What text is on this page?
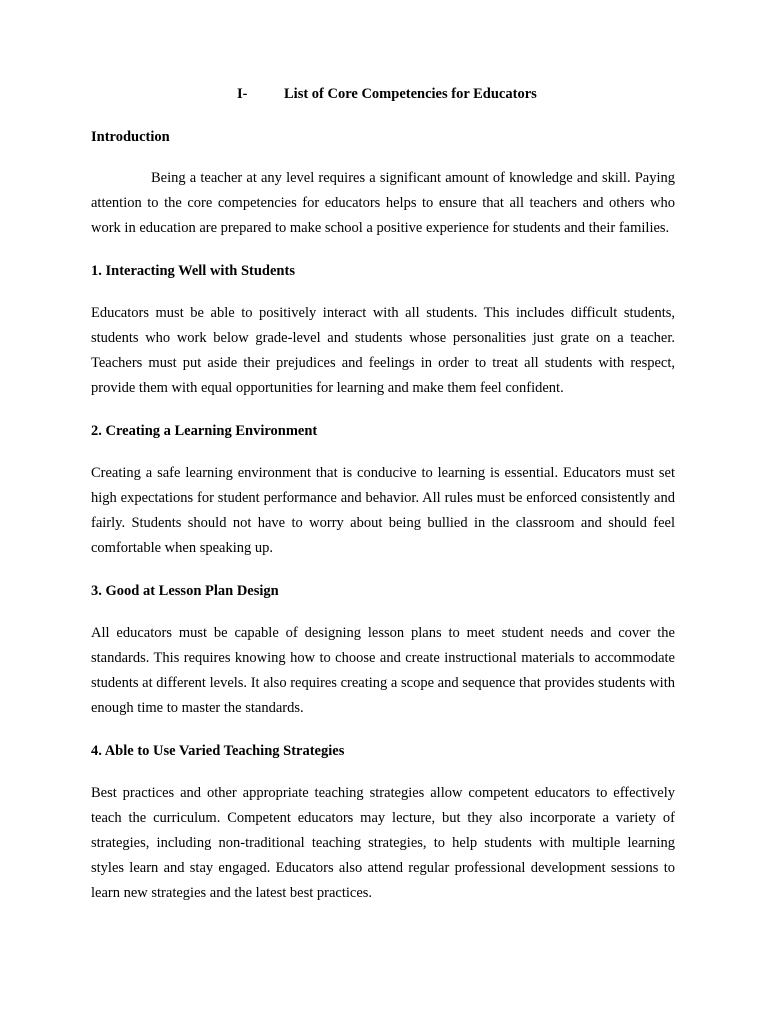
I-	List of Core Competencies for Educators

Introduction

Being a teacher at any level requires a significant amount of knowledge and skill. Paying attention to the core competencies for educators helps to ensure that all teachers and others who work in education are prepared to make school a positive experience for students and their families.

1. Interacting Well with Students

Educators must be able to positively interact with all students. This includes difficult students, students who work below grade-level and students whose personalities just grate on a teacher. Teachers must put aside their prejudices and feelings in order to treat all students with respect, provide them with equal opportunities for learning and make them feel confident.

2. Creating a Learning Environment

Creating a safe learning environment that is conducive to learning is essential. Educators must set high expectations for student performance and behavior. All rules must be enforced consistently and fairly. Students should not have to worry about being bullied in the classroom and should feel comfortable when speaking up.

3. Good at Lesson Plan Design

All educators must be capable of designing lesson plans to meet student needs and cover the standards. This requires knowing how to choose and create instructional materials to accommodate students at different levels. It also requires creating a scope and sequence that provides students with enough time to master the standards.

4. Able to Use Varied Teaching Strategies

Best practices and other appropriate teaching strategies allow competent educators to effectively teach the curriculum. Competent educators may lecture, but they also incorporate a variety of strategies, including non-traditional teaching strategies, to help students with multiple learning styles learn and stay engaged. Educators also attend regular professional development sessions to learn new strategies and the latest best practices.
